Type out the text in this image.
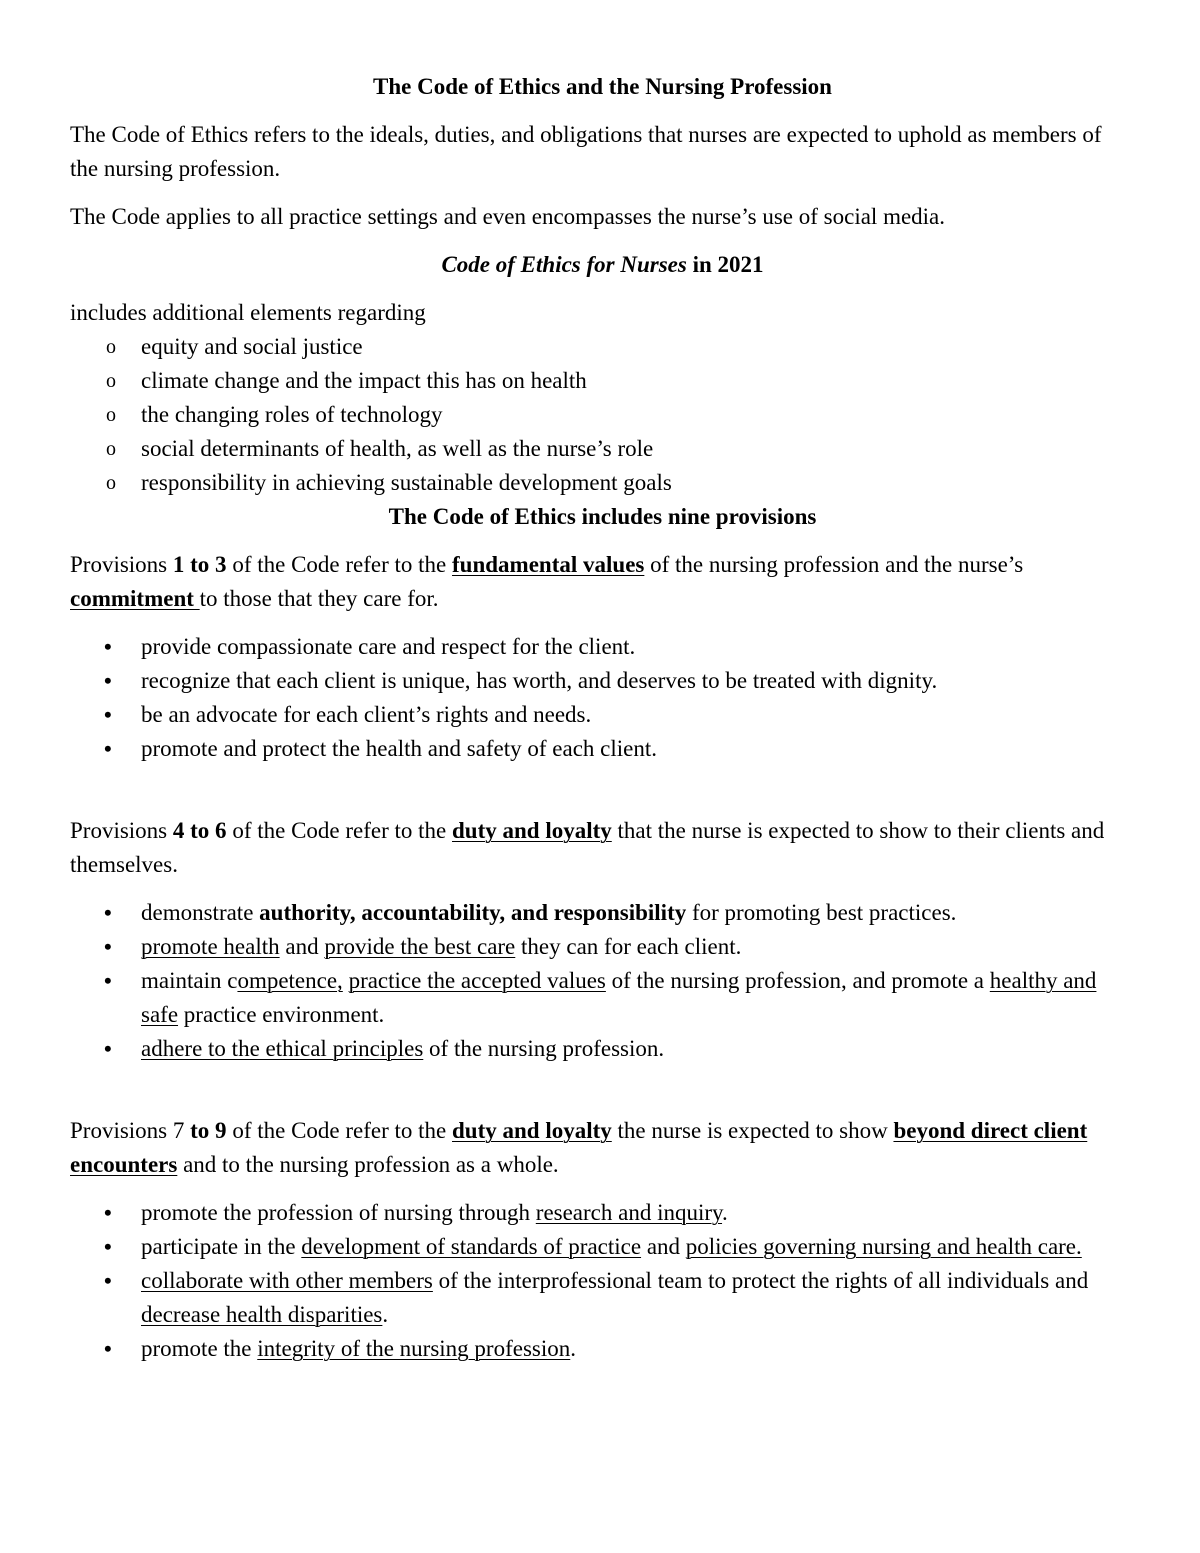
The Code of Ethics and the Nursing Profession

The Code of Ethics refers to the ideals, duties, and obligations that nurses are expected to uphold as members of the nursing profession.

The Code applies to all practice settings and even encompasses the nurse’s use of social media.

Code of Ethics for Nurses in 2021

includes additional elements regarding

o equity and social justice
o climate change and the impact this has on health
o the changing roles of technology
o social determinants of health, as well as the nurse’s role
o responsibility in achieving sustainable development goals

The Code of Ethics includes nine provisions

Provisions 1 to 3 of the Code refer to the fundamental values of the nursing profession and the nurse’s commitment to those that they care for.

• provide compassionate care and respect for the client.
• recognize that each client is unique, has worth, and deserves to be treated with dignity.
• be an advocate for each client’s rights and needs.
• promote and protect the health and safety of each client.

Provisions 4 to 6 of the Code refer to the duty and loyalty that the nurse is expected to show to their clients and themselves.

• demonstrate authority, accountability, and responsibility for promoting best practices.
• promote health and provide the best care they can for each client.
• maintain competence, practice the accepted values of the nursing profession, and promote a healthy and safe practice environment.
• adhere to the ethical principles of the nursing profession.

Provisions 7 to 9 of the Code refer to the duty and loyalty the nurse is expected to show beyond direct client encounters and to the nursing profession as a whole.

• promote the profession of nursing through research and inquiry.
• participate in the development of standards of practice and policies governing nursing and health care.
• collaborate with other members of the interprofessional team to protect the rights of all individuals and decrease health disparities.
• promote the integrity of the nursing profession.
